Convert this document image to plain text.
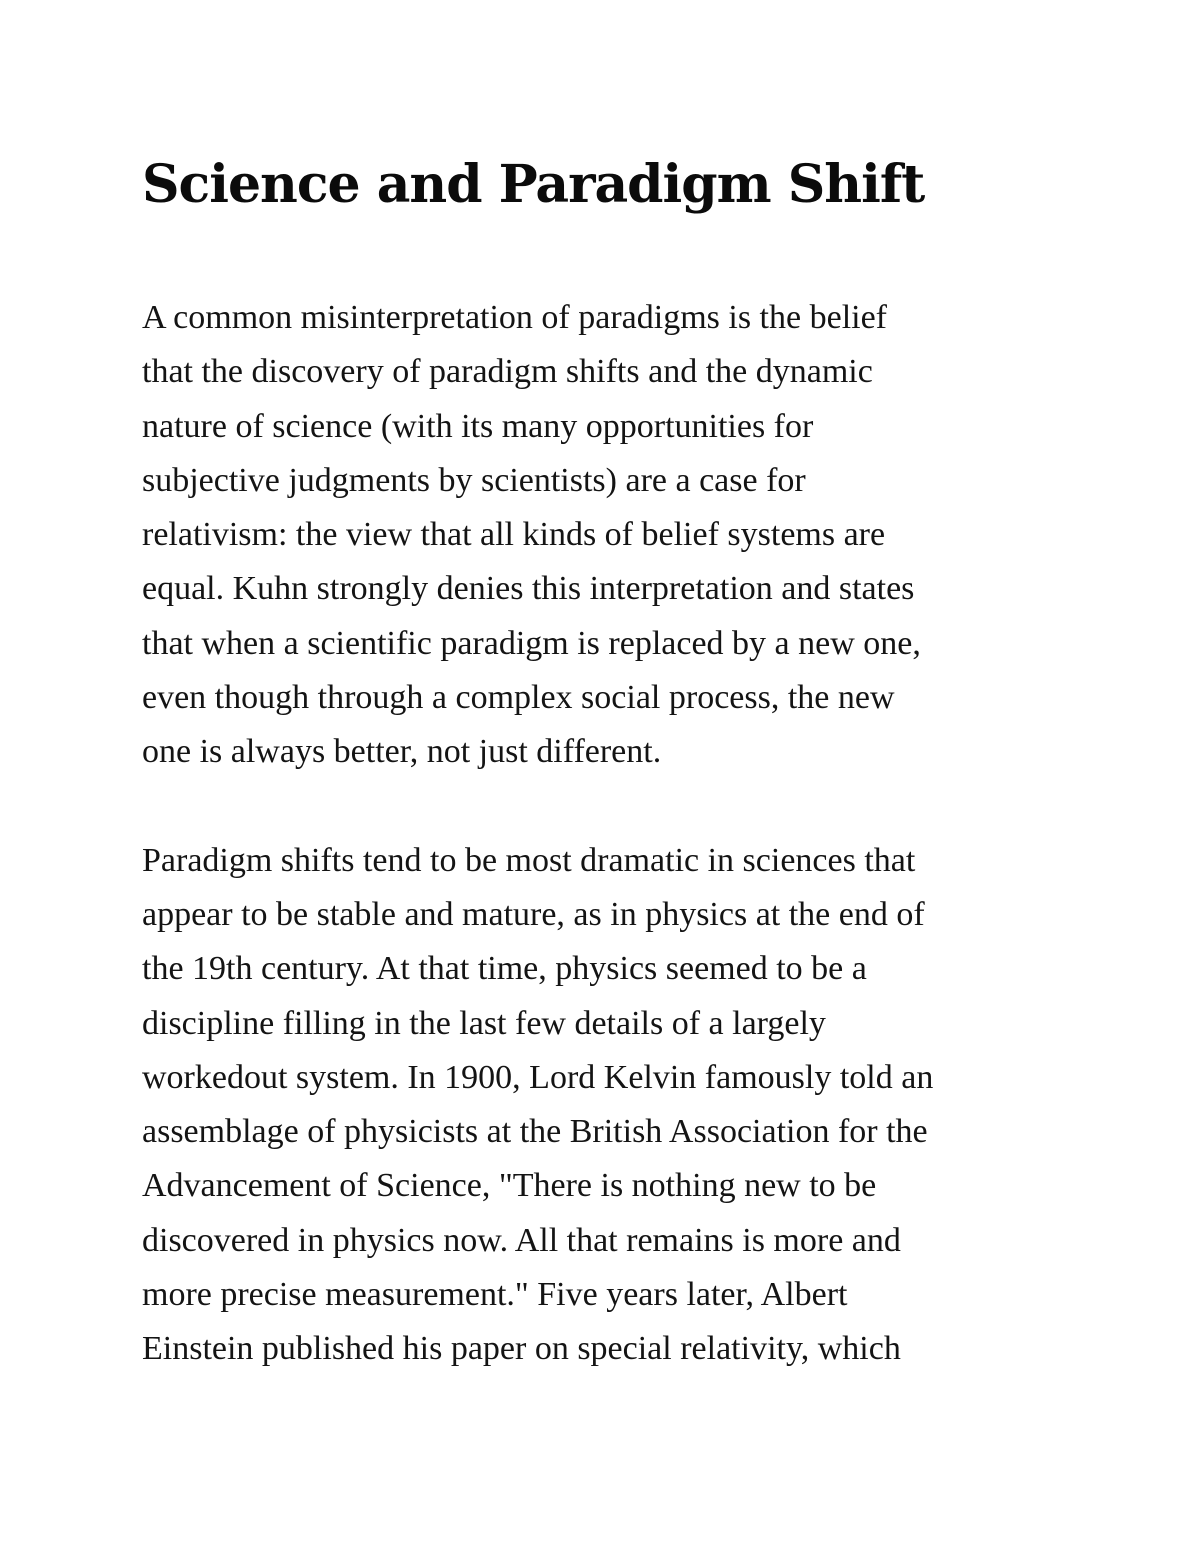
Science and Paradigm Shift

A common misinterpretation of paradigms is the belief
that the discovery of paradigm shifts and the dynamic
nature of science (with its many opportunities for
subjective judgments by scientists) are a case for
relativism: the view that all kinds of belief systems are
equal. Kuhn strongly denies this interpretation and states
that when a scientific paradigm is replaced by a new one,
even though through a complex social process, the new
one is always better, not just different.

Paradigm shifts tend to be most dramatic in sciences that
appear to be stable and mature, as in physics at the end of
the 19th century. At that time, physics seemed to be a
discipline filling in the last few details of a largely
workedout system. In 1900, Lord Kelvin famously told an
assemblage of physicists at the British Association for the
Advancement of Science, "There is nothing new to be
discovered in physics now. All that remains is more and
more precise measurement." Five years later, Albert
Einstein published his paper on special relativity, which
